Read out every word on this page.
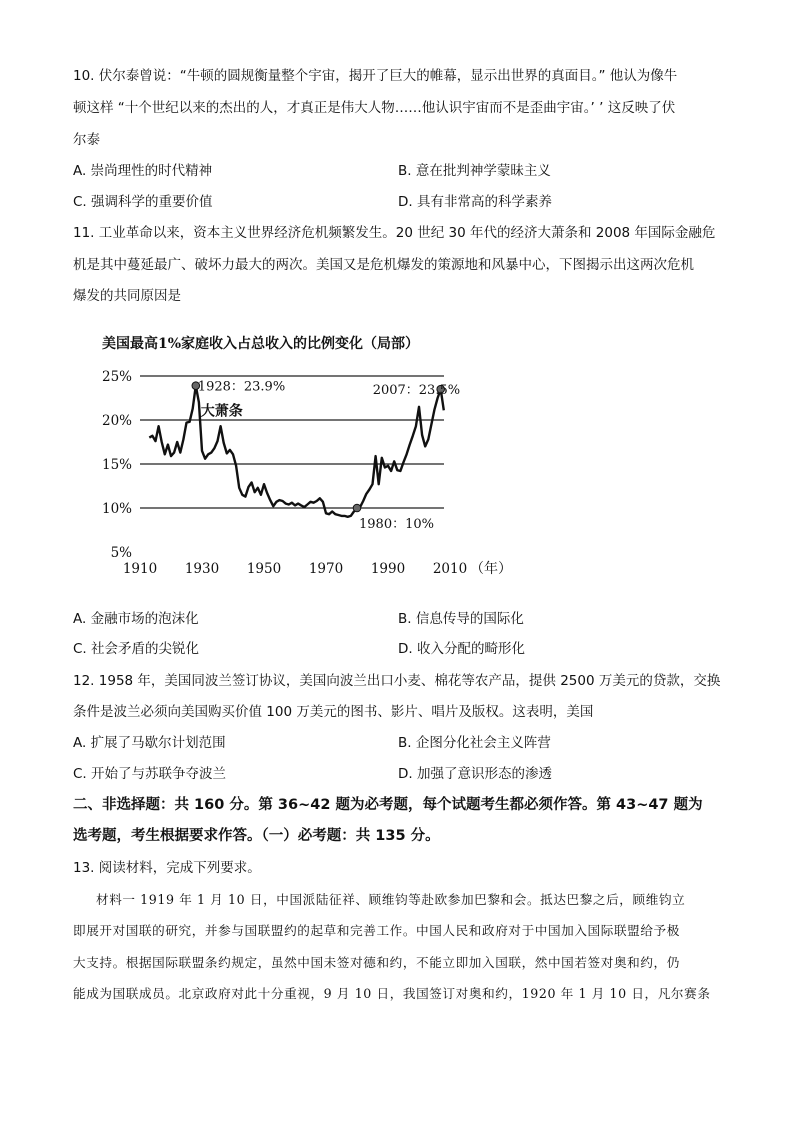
10. 伏尔泰曾说：“牛顿的圆规衡量整个宇宙，揭开了巨大的帷幕，显示出世界的真面目。” 他认为像牛
顿这样 “十个世纪以来的杰出的人，才真正是伟大人物……他认识宇宙而不是歪曲宇宙。’ ’ 这反映了伏
尔泰
A. 崇尚理性的时代精神	B. 意在批判神学蒙昧主义
C. 强调科学的重要价值	D. 具有非常高的科学素养
11. 工业革命以来，资本主义世界经济危机频繁发生。20 世纪 30 年代的经济大萧条和 2008 年国际金融危
机是其中蔓延最广、破坏力最大的两次。美国又是危机爆发的策源地和风暴中心，下图揭示出这两次危机
爆发的共同原因是
美国最高1%家庭收入占总收入的比例变化（局部）
25%
20%
15%
10%
5%
1910 1930 1950 1970 1990 2010 （年）
1928：23.9%
大萧条
2007：23.5%
1980：10%
A. 金融市场的泡沫化	B. 信息传导的国际化
C. 社会矛盾的尖锐化	D. 收入分配的畸形化
12. 1958 年，美国同波兰签订协议，美国向波兰出口小麦、棉花等农产品，提供 2500 万美元的贷款，交换
条件是波兰必须向美国购买价值 100 万美元的图书、影片、唱片及版权。这表明，美国
A. 扩展了马歇尔计划范围	B. 企图分化社会主义阵营
C. 开始了与苏联争夺波兰	D. 加强了意识形态的渗透
二、非选择题：共 160 分。第 36~42 题为必考题，每个试题考生都必须作答。第 43~47 题为
选考题，考生根据要求作答。（一）必考题：共 135 分。
13. 阅读材料，完成下列要求。
材料一 1919 年 1 月 10 日，中国派陆征祥、顾维钧等赴欧参加巴黎和会。抵达巴黎之后，顾维钧立
即展开对国联的研究，并参与国联盟约的起草和完善工作。中国人民和政府对于中国加入国际联盟给予极
大支持。根据国际联盟条约规定，虽然中国未签对德和约，不能立即加入国联，然中国若签对奥和约，仍
能成为国联成员。北京政府对此十分重视，9 月 10 日，我国签订对奥和约，1920 年 1 月 10 日，凡尔赛条
